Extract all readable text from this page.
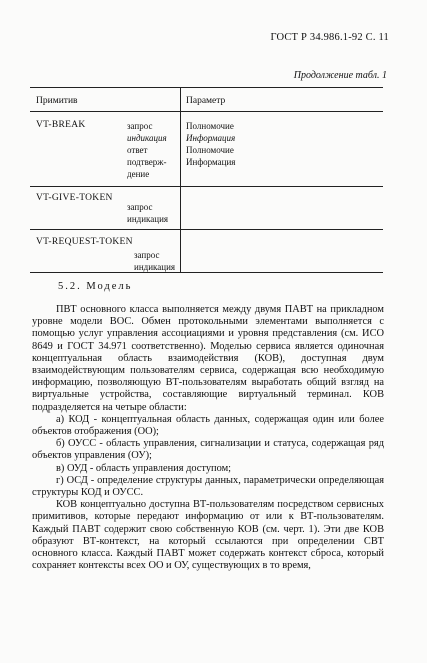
ГОСТ Р 34.986.1-92 С. 11
Продолжение табл. 1
Примитив	Параметр
VT-BREAK	запрос
индикация
ответ
подтверж-
дение
Полномочие
Информация
Полномочие
Информация
VT-GIVE-TOKEN
запрос
индикация
VT-REQUEST-TOKEN
запрос
индикация
5.2. Модель

ПВТ основного класса выполняется между двумя ПАВТ на прикладном уровне модели ВОС. Обмен протокольными элементами выполняется с помощью услуг управления ассоциациями и уровня представления (см. ИСО 8649 и ГОСТ 34.971 соответственно). Моделью сервиса является одиночная концептуальная область взаимодействия (КОВ), доступная двум взаимодействующим пользователям сервиса, содержащая всю необходимую информацию, позволяющую ВТ-пользователям выработать общий взгляд на виртуальные устройства, составляющие виртуальный терминал. КОВ подразделяется на четыре области:

а) КОД - концептуальная область данных, содержащая один или более объектов отображения (ОО);

б) ОУСС - область управления, сигнализации и статуса, содержащая ряд объектов управления (ОУ);

в) ОУД - область управления доступом;

г) ОСД - определение структуры данных, параметрически определяющая структуры КОД и ОУСС.

КОВ концептуально доступна ВТ-пользователям посредством сервисных примитивов, которые передают информацию от или к ВТ-пользователям. Каждый ПАВТ содержит свою собственную КОВ (см. черт. 1). Эти две КОВ образуют ВТ-контекст, на который ссылаются при определении СВТ основного класса. Каждый ПАВТ может содержать контекст сброса, который сохраняет контексты всех ОО и ОУ, существующих в то время,
